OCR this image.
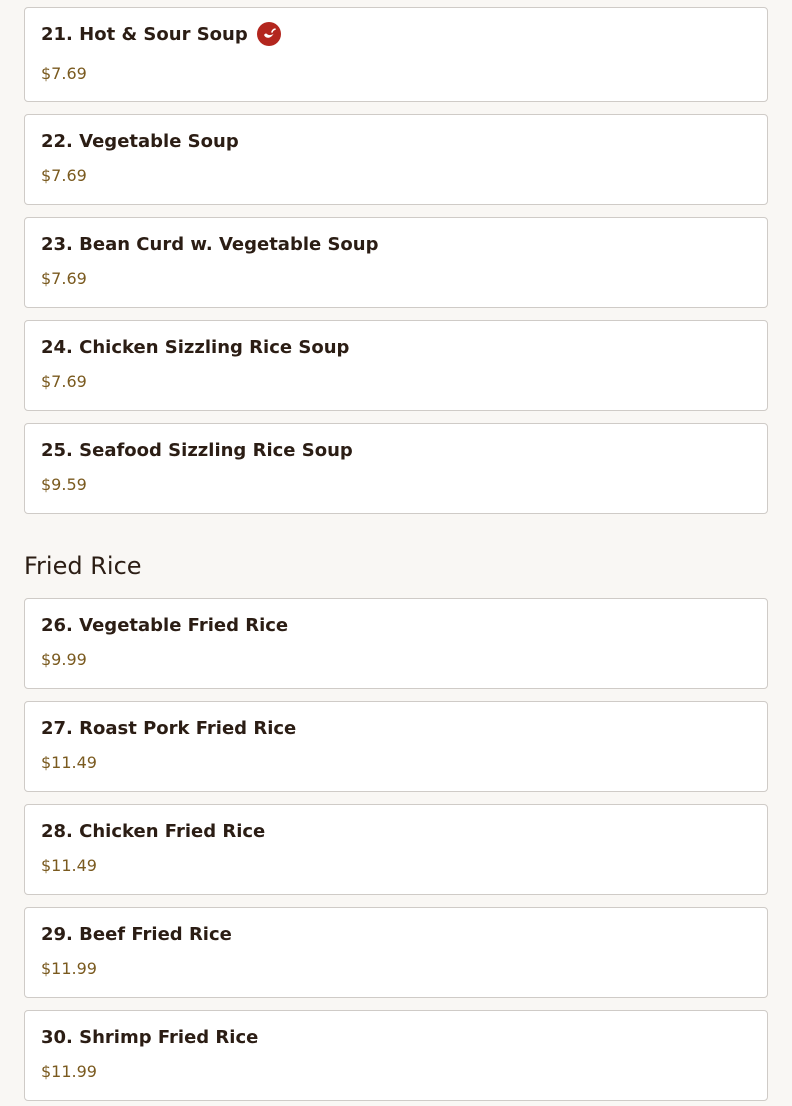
21. Hot & Sour Soup
$7.69
22. Vegetable Soup
$7.69
23. Bean Curd w. Vegetable Soup
$7.69
24. Chicken Sizzling Rice Soup
$7.69
25. Seafood Sizzling Rice Soup
$9.59
Fried Rice
26. Vegetable Fried Rice
$9.99
27. Roast Pork Fried Rice
$11.49
28. Chicken Fried Rice
$11.49
29. Beef Fried Rice
$11.99
30. Shrimp Fried Rice
$11.99
